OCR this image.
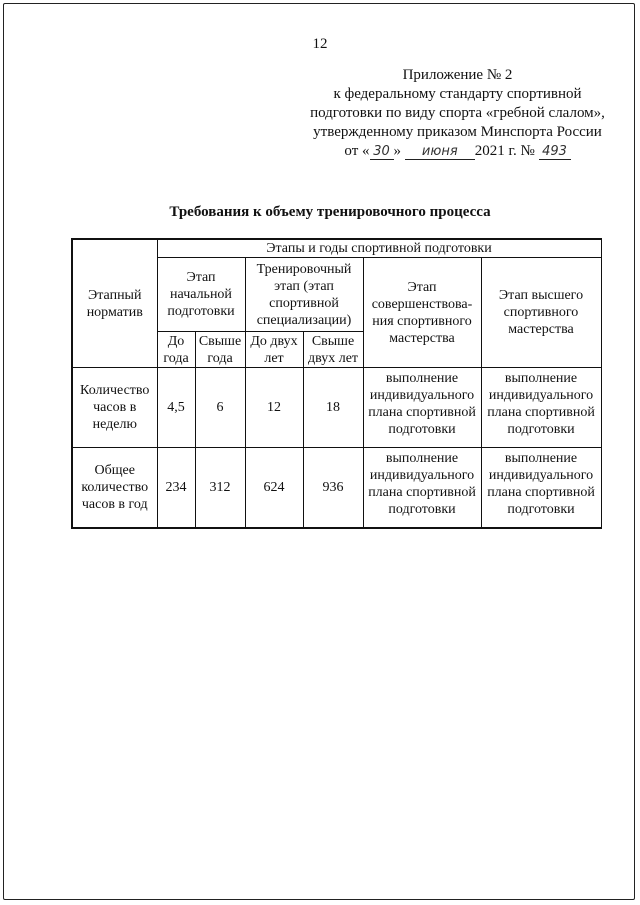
12
Приложение № 2
к федеральному стандарту спортивной
подготовки по виду спорта «гребной слалом»,
утвержденному приказом Минспорта России
от « 30 » июня 2021 г. № 493
Требования к объему тренировочного процесса
Этапный норматив	Этапы и годы спортивной подготовки					
	Этап начальной подготовки		Тренировочный этап (этап спортивной специализации)		Этап совершенствова-ния спортивного мастерства	Этап высшего спортивного мастерства
	До года	Свыше года	До двух лет	Свыше двух лет		
Количество часов в неделю	4,5	6	12	18	выполнение индивидуального плана спортивной подготовки	выполнение индивидуального плана спортивной подготовки
Общее количество часов в год	234	312	624	936	выполнение индивидуального плана спортивной подготовки	выполнение индивидуального плана спортивной подготовки
